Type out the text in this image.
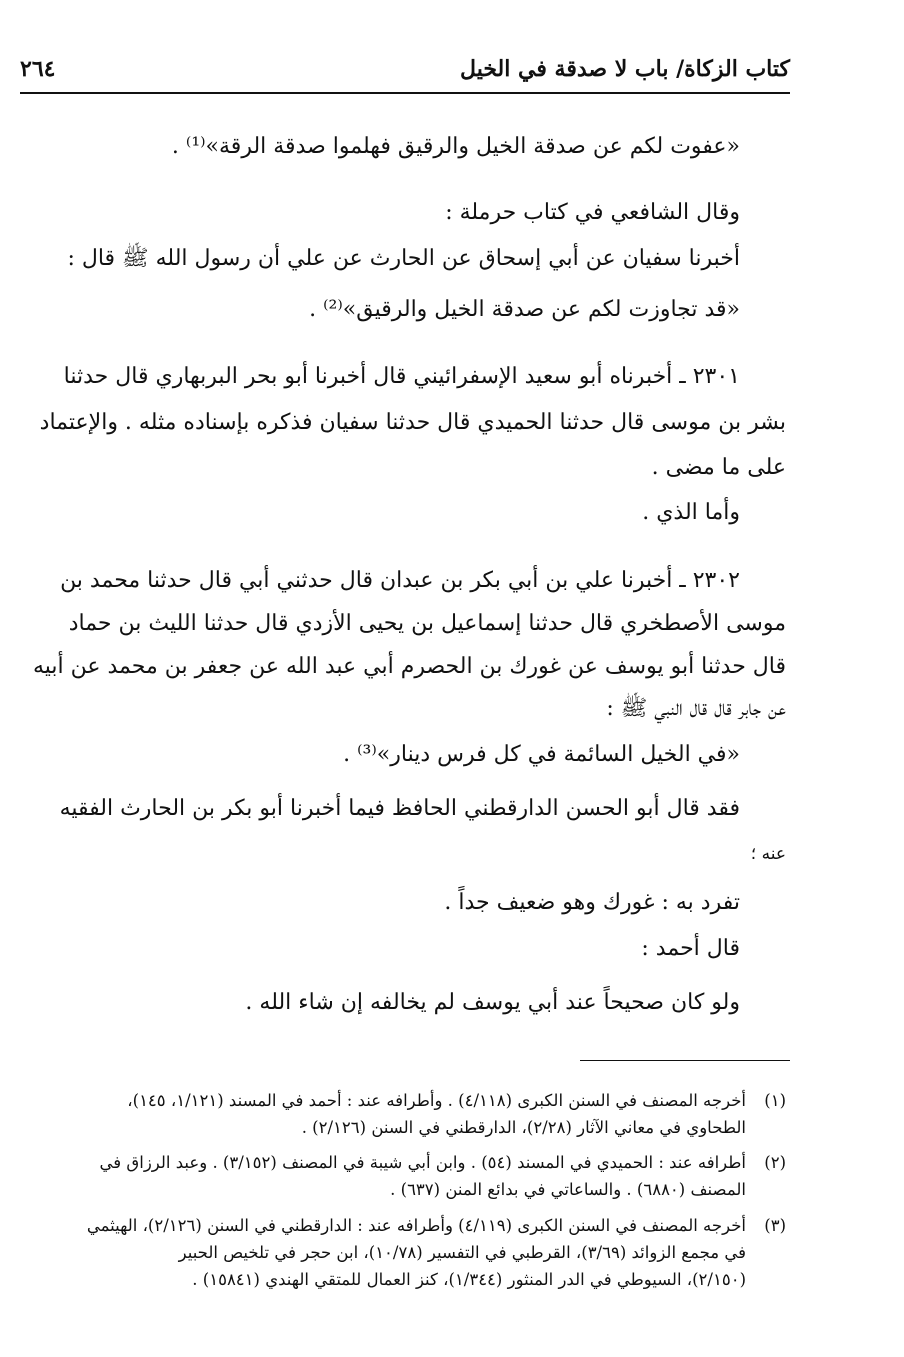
كتاب الزكاة/ باب لا صدقة في الخيل
٢٦٤
«عفوت لكم عن صدقة الخيل والرقيق فهلموا صدقة الرقة»⁽¹⁾ .
وقال الشافعي في كتاب حرملة :
أخبرنا سفيان عن أبي إسحاق عن الحارث عن علي أن رسول الله ﷺ قال :
«قد تجاوزت لكم عن صدقة الخيل والرقيق»⁽²⁾ .
٢٣٠١ ـ أخبرناه أبو سعيد الإسفرائيني قال أخبرنا أبو بحر البربهاري قال حدثنا
بشر بن موسى قال حدثنا الحميدي قال حدثنا سفيان فذكره بإسناده مثله . والإعتماد
على ما مضى .
وأما الذي .
٢٣٠٢ ـ أخبرنا علي بن أبي بكر بن عبدان قال حدثني أبي قال حدثنا محمد بن
موسى الأصطخري قال حدثنا إسماعيل بن يحيى الأزدي قال حدثنا الليث بن حماد
قال حدثنا أبو يوسف عن غورك بن الحصرم أبي عبد الله عن جعفر بن محمد عن أبيه
عن جابر قال قال النبي ﷺ :
«في الخيل السائمة في كل فرس دينار»⁽³⁾ .
فقد قال أبو الحسن الدارقطني الحافظ فيما أخبرنا أبو بكر بن الحارث الفقيه
عنه ؛
تفرد به : غورك وهو ضعيف جداً .
قال أحمد :
ولو كان صحيحاً عند أبي يوسف لم يخالفه إن شاء الله .
(١)
أخرجه المصنف في السنن الكبرى (٤/١١٨) . وأطرافه عند : أحمد في المسند (١/١٢١، ١٤٥)،
الطحاوي في معاني الآثار (٢/٢٨)، الدارقطني في السنن (٢/١٢٦) .
(٢)
أطرافه عند : الحميدي في المسند (٥٤) . وابن أبي شيبة في المصنف (٣/١٥٢) . وعبد الرزاق في
المصنف (٦٨٨٠) . والساعاتي في بدائع المنن (٦٣٧) .
(٣)
أخرجه المصنف في السنن الكبرى (٤/١١٩) وأطرافه عند : الدارقطني في السنن (٢/١٢٦)، الهيثمي
في مجمع الزوائد (٣/٦٩)، القرطبي في التفسير (١٠/٧٨)، ابن حجر في تلخيص الحبير
(٢/١٥٠)، السيوطي في الدر المنثور (١/٣٤٤)، كنز العمال للمتقي الهندي (١٥٨٤١) .
